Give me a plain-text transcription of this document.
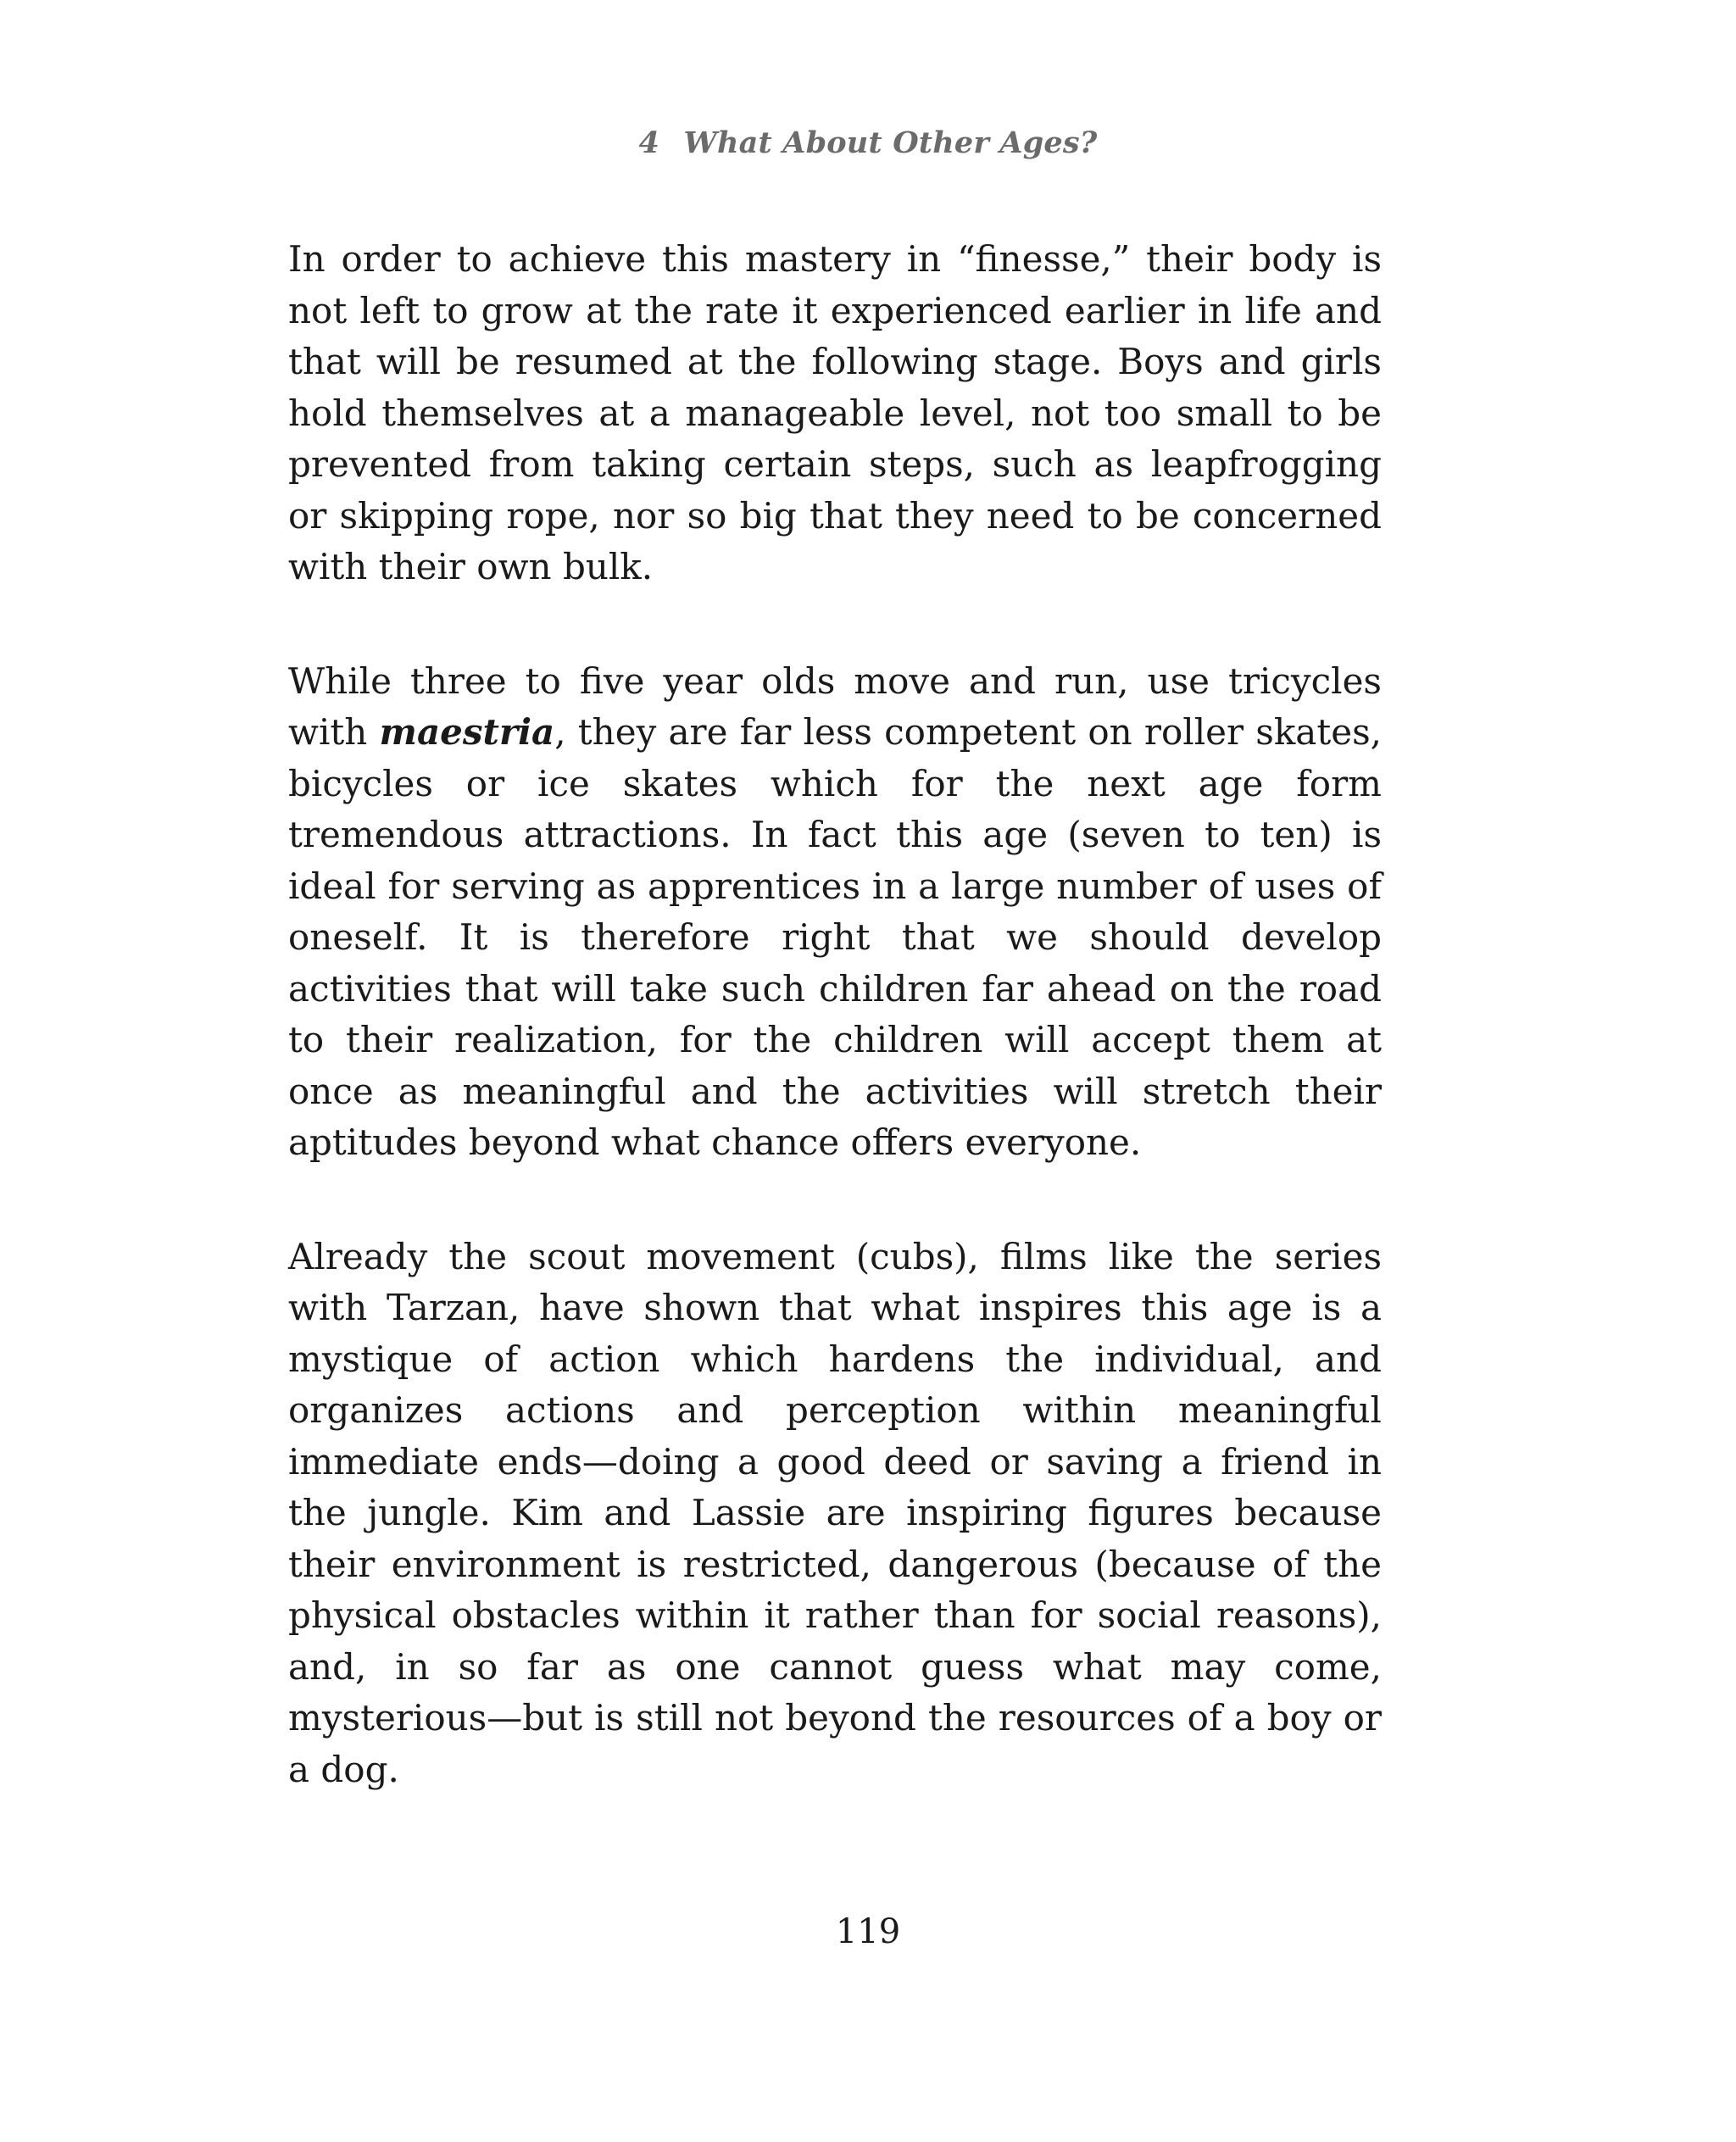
4 What About Other Ages?

In order to achieve this mastery in “finesse,” their body is not left to grow at the rate it experienced earlier in life and that will be resumed at the following stage. Boys and girls hold themselves at a manageable level, not too small to be prevented from taking certain steps, such as leapfrogging or skipping rope, nor so big that they need to be concerned with their own bulk.

While three to five year olds move and run, use tricycles with maestria, they are far less competent on roller skates, bicycles or ice skates which for the next age form tremendous attractions. In fact this age (seven to ten) is ideal for serving as apprentices in a large number of uses of oneself. It is therefore right that we should develop activities that will take such children far ahead on the road to their realization, for the children will accept them at once as meaningful and the activities will stretch their aptitudes beyond what chance offers everyone.

Already the scout movement (cubs), films like the series with Tarzan, have shown that what inspires this age is a mystique of action which hardens the individual, and organizes actions and perception within meaningful immediate ends—doing a good deed or saving a friend in the jungle. Kim and Lassie are inspiring figures because their environment is restricted, dangerous (because of the physical obstacles within it rather than for social reasons), and, in so far as one cannot guess what may come, mysterious—but is still not beyond the resources of a boy or a dog.

119
